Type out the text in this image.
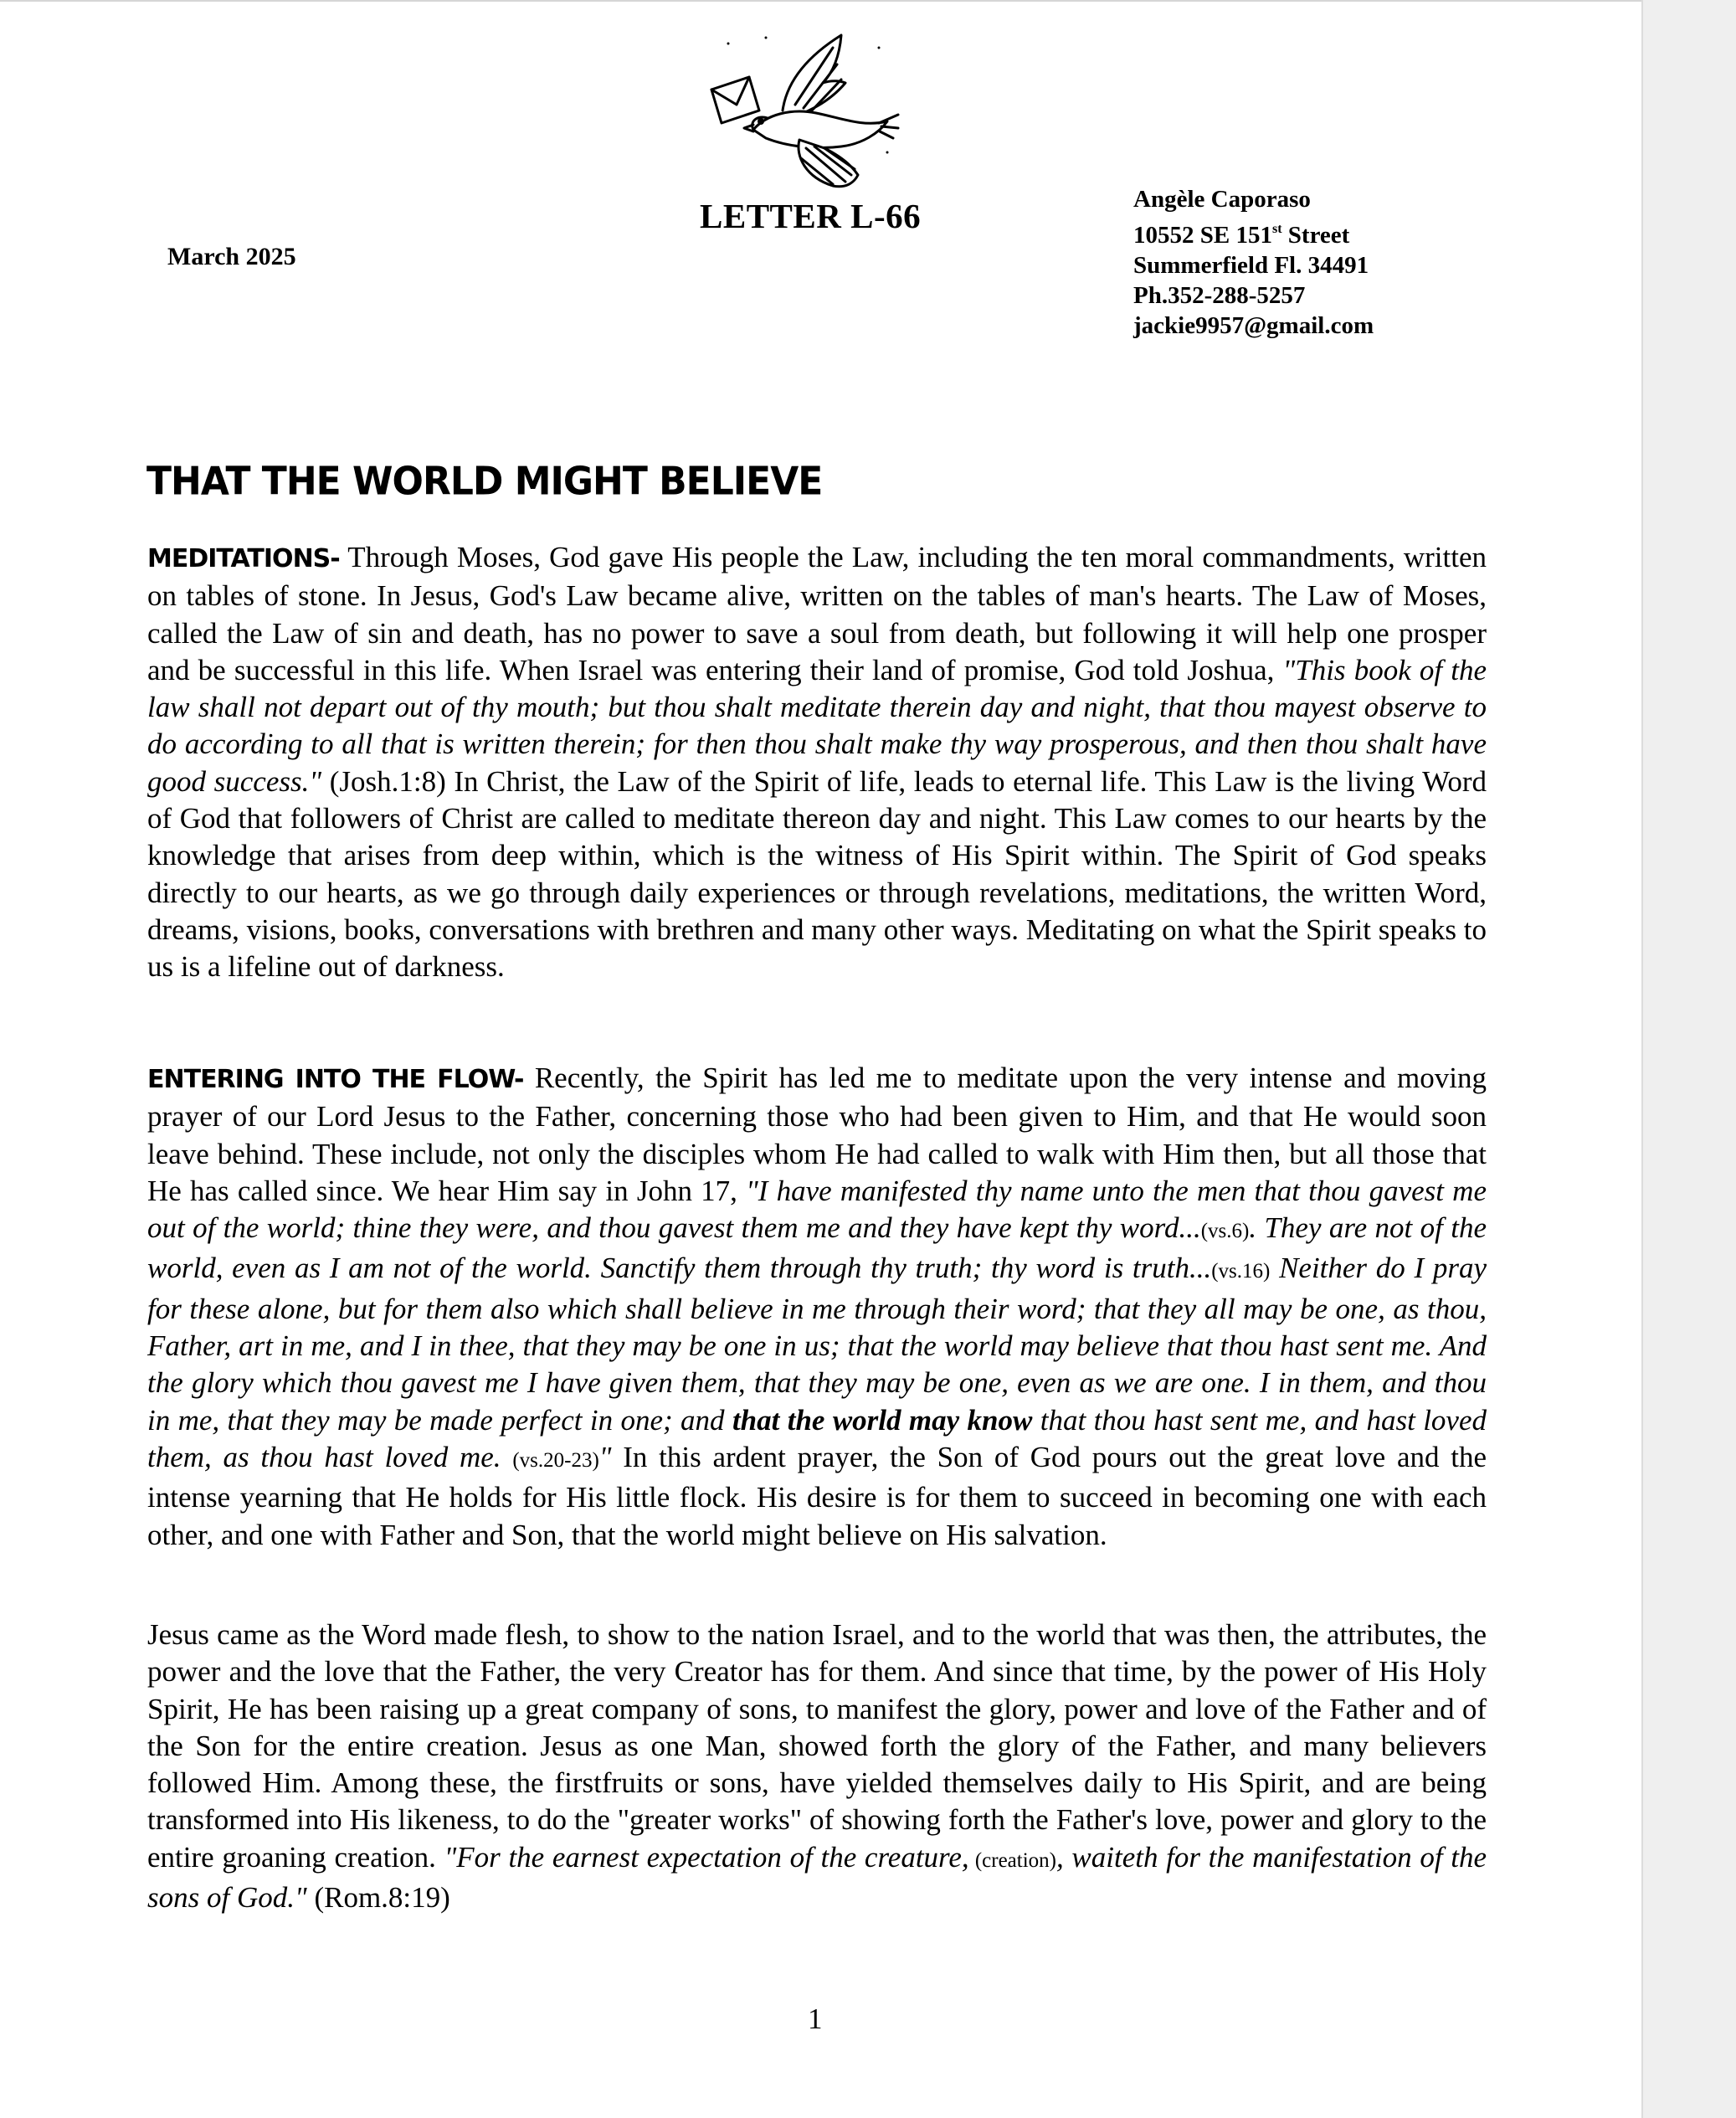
LETTER L-66
March 2025
Angèle Caporaso
10552 SE 151st Street
Summerfield Fl. 34491
Ph.352-288-5257
jackie9957@gmail.com
THAT THE WORLD MIGHT BELIEVE
MEDITATIONS- Through Moses, God gave His people the Law, including the ten moral commandments, written on tables of stone. In Jesus, God's Law became alive, written on the tables of man's hearts. The Law of Moses, called the Law of sin and death, has no power to save a soul from death, but following it will help one prosper and be successful in this life. When Israel was entering their land of promise, God told Joshua, "This book of the law shall not depart out of thy mouth; but thou shalt meditate therein day and night, that thou mayest observe to do according to all that is written therein; for then thou shalt make thy way prosperous, and then thou shalt have good success." (Josh.1:8) In Christ, the Law of the Spirit of life, leads to eternal life. This Law is the living Word of God that followers of Christ are called to meditate thereon day and night. This Law comes to our hearts by the knowledge that arises from deep within, which is the witness of His Spirit within. The Spirit of God speaks directly to our hearts, as we go through daily experiences or through revelations, meditations, the written Word, dreams, visions, books, conversations with brethren and many other ways. Meditating on what the Spirit speaks to us is a lifeline out of darkness.
ENTERING INTO THE FLOW- Recently, the Spirit has led me to meditate upon the very intense and moving prayer of our Lord Jesus to the Father, concerning those who had been given to Him, and that He would soon leave behind. These include, not only the disciples whom He had called to walk with Him then, but all those that He has called since. We hear Him say in John 17, "I have manifested thy name unto the men that thou gavest me out of the world; thine they were, and thou gavest them me and they have kept thy word...(vs.6). They are not of the world, even as I am not of the world. Sanctify them through thy truth; thy word is truth...(vs.16) Neither do I pray for these alone, but for them also which shall believe in me through their word; that they all may be one, as thou, Father, art in me, and I in thee, that they may be one in us; that the world may believe that thou hast sent me. And the glory which thou gavest me I have given them, that they may be one, even as we are one. I in them, and thou in me, that they may be made perfect in one; and that the world may know that thou hast sent me, and hast loved them, as thou hast loved me. (vs.20-23)" In this ardent prayer, the Son of God pours out the great love and the intense yearning that He holds for His little flock. His desire is for them to succeed in becoming one with each other, and one with Father and Son, that the world might believe on His salvation.
Jesus came as the Word made flesh, to show to the nation Israel, and to the world that was then, the attributes, the power and the love that the Father, the very Creator has for them. And since that time, by the power of His Holy Spirit, He has been raising up a great company of sons, to manifest the glory, power and love of the Father and of the Son for the entire creation. Jesus as one Man, showed forth the glory of the Father, and many believers followed Him. Among these, the firstfruits or sons, have yielded themselves daily to His Spirit, and are being transformed into His likeness, to do the "greater works" of showing forth the Father's love, power and glory to the entire groaning creation. "For the earnest expectation of the creature, (creation), waiteth for the manifestation of the sons of God." (Rom.8:19)
1
